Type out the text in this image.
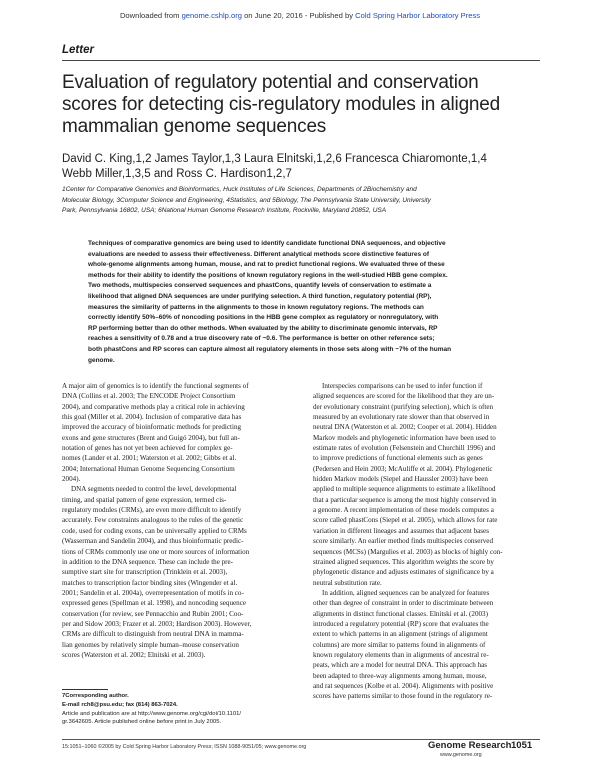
Downloaded from genome.cshlp.org on June 20, 2016 - Published by Cold Spring Harbor Laboratory Press
Letter
Evaluation of regulatory potential and conservation
scores for detecting cis-regulatory modules in aligned
mammalian genome sequences
David C. King,1,2 James Taylor,1,3 Laura Elnitski,1,2,6 Francesca Chiaromonte,1,4
Webb Miller,1,3,5 and Ross C. Hardison1,2,7
1Center for Comparative Genomics and Bioinformatics, Huck Institutes of Life Sciences, Departments of 2Biochemistry and
Molecular Biology, 3Computer Science and Engineering, 4Statistics, and 5Biology, The Pennsylvania State University, University
Park, Pennsylvania 16802, USA; 6National Human Genome Research Institute, Rockville, Maryland 20852, USA
Techniques of comparative genomics are being used to identify candidate functional DNA sequences, and objective
evaluations are needed to assess their effectiveness. Different analytical methods score distinctive features of
whole-genome alignments among human, mouse, and rat to predict functional regions. We evaluated three of these
methods for their ability to identify the positions of known regulatory regions in the well-studied HBB gene complex.
Two methods, multispecies conserved sequences and phastCons, quantify levels of conservation to estimate a
likelihood that aligned DNA sequences are under purifying selection. A third function, regulatory potential (RP),
measures the similarity of patterns in the alignments to those in known regulatory regions. The methods can
correctly identify 50%–60% of noncoding positions in the HBB gene complex as regulatory or nonregulatory, with
RP performing better than do other methods. When evaluated by the ability to discriminate genomic intervals, RP
reaches a sensitivity of 0.78 and a true discovery rate of ~0.6. The performance is better on other reference sets;
both phastCons and RP scores can capture almost all regulatory elements in those sets along with ~7% of the human
genome.
A major aim of genomics is to identify the functional segments of
DNA (Collins et al. 2003; The ENCODE Project Consortium
2004), and comparative methods play a critical role in achieving
this goal (Miller et al. 2004). Inclusion of comparative data has
improved the accuracy of bioinformatic methods for predicting
exons and gene structures (Brent and Guigó 2004), but full an-
notation of genes has not yet been achieved for complex ge-
nomes (Lander et al. 2001; Waterston et al. 2002; Gibbs et al.
2004; International Human Genome Sequencing Consortium
2004).
DNA segments needed to control the level, developmental
timing, and spatial pattern of gene expression, termed cis-
regulatory modules (CRMs), are even more difficult to identify
accurately. Few constraints analogous to the rules of the genetic
code, used for coding exons, can be universally applied to CRMs
(Wasserman and Sandelin 2004), and thus bioinformatic predic-
tions of CRMs commonly use one or more sources of information
in addition to the DNA sequence. These can include the pre-
sumptive start site for transcription (Trinklein et al. 2003),
matches to transcription factor binding sites (Wingender et al.
2001; Sandelin et al. 2004a), overrepresentation of motifs in co-
expressed genes (Spellman et al. 1998), and noncoding sequence
conservation (for review, see Pennacchio and Rubin 2001; Coo-
per and Sidow 2003; Frazer et al. 2003; Hardison 2003). However,
CRMs are difficult to distinguish from neutral DNA in mamma-
lian genomes by relatively simple human–mouse conservation
scores (Waterston et al. 2002; Elnitski et al. 2003).
Interspecies comparisons can be used to infer function if
aligned sequences are scored for the likelihood that they are un-
der evolutionary constraint (purifying selection), which is often
measured by an evolutionary rate slower than that observed in
neutral DNA (Waterston et al. 2002; Cooper et al. 2004). Hidden
Markov models and phylogenetic information have been used to
estimate rates of evolution (Felsenstein and Churchill 1996) and
to improve predictions of functional elements such as genes
(Pedersen and Hein 2003; McAuliffe et al. 2004). Phylogenetic
hidden Markov models (Siepel and Haussler 2003) have been
applied to multiple sequence alignments to estimate a likelihood
that a particular sequence is among the most highly conserved in
a genome. A recent implementation of these models computes a
score called phastCons (Siepel et al. 2005), which allows for rate
variation in different lineages and assumes that adjacent bases
score similarly. An earlier method finds multispecies conserved
sequences (MCSs) (Margulies et al. 2003) as blocks of highly con-
strained aligned sequences. This algorithm weights the score by
phylogenetic distance and adjusts estimates of significance by a
neutral substitution rate.
In addition, aligned sequences can be analyzed for features
other than degree of constraint in order to discriminate between
alignments in distinct functional classes. Elnitski et al. (2003)
introduced a regulatory potential (RP) score that evaluates the
extent to which patterns in an alignment (strings of alignment
columns) are more similar to patterns found in alignments of
known regulatory elements than in alignments of ancestral re-
peats, which are a model for neutral DNA. This approach has
been adapted to three-way alignments among human, mouse,
and rat sequences (Kolbe et al. 2004). Alignments with positive
scores have patterns similar to those found in the regulatory re-
7Corresponding author.
E-mail rch8@psu.edu; fax (814) 863-7024.
Article and publication are at http://www.genome.org/cgi/doi/10.1101/
gr.3642605. Article published online before print in July 2005.
15:1051–1060 ©2005 by Cold Spring Harbor Laboratory Press; ISSN 1088-9051/05; www.genome.org	Genome Research 1051
www.genome.org
